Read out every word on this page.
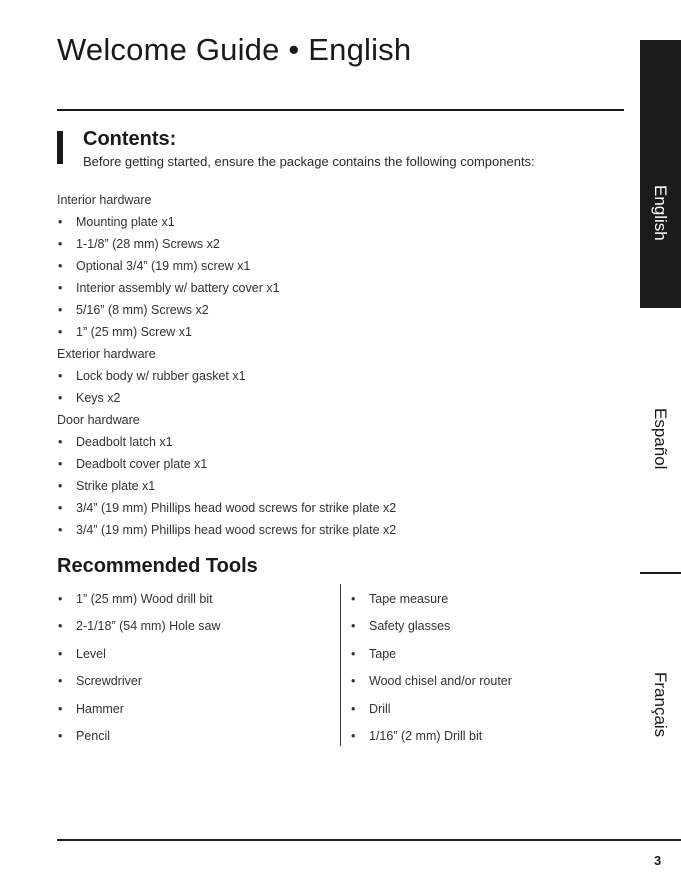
Welcome Guide • English
Contents:
Before getting started, ensure the package contains the following components:
Interior hardware
• Mounting plate x1
• 1-1/8” (28 mm) Screws x2
• Optional 3/4” (19 mm) screw x1
• Interior assembly w/ battery cover x1
• 5/16” (8 mm) Screws x2
• 1” (25 mm) Screw x1
Exterior hardware
• Lock body w/ rubber gasket x1
• Keys x2
Door hardware
• Deadbolt latch x1
• Deadbolt cover plate x1
• Strike plate x1
• 3/4” (19 mm) Phillips head wood screws for strike plate x2
• 3/4” (19 mm) Phillips head wood screws for strike plate x2
Recommended Tools
• 1” (25 mm) Wood drill bit
• 2-1/18” (54 mm) Hole saw
• Level
• Screwdriver
• Hammer
• Pencil
• Tape measure
• Safety glasses
• Tape
• Wood chisel and/or router
• Drill
• 1/16” (2 mm) Drill bit
English
Español
Français
3
